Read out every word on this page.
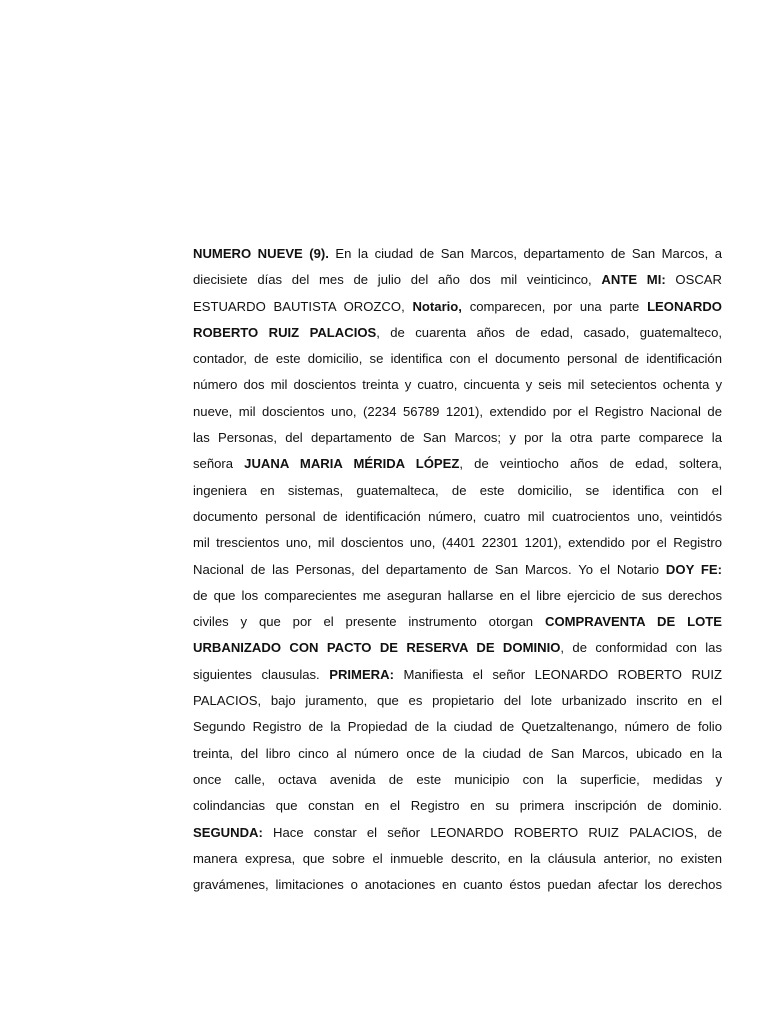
NUMERO NUEVE (9). En la ciudad de San Marcos, departamento de San Marcos, a
diecisiete días del mes de julio del año dos mil veinticinco, ANTE MI: OSCAR
ESTUARDO BAUTISTA OROZCO, Notario, comparecen, por una parte LEONARDO
ROBERTO RUIZ PALACIOS, de cuarenta años de edad, casado, guatemalteco,
contador, de este domicilio, se identifica con el documento personal de identificación
número dos mil doscientos treinta y cuatro, cincuenta y seis mil setecientos ochenta y
nueve, mil doscientos uno, (2234 56789 1201), extendido por el Registro Nacional de
las Personas, del departamento de San Marcos; y por la otra parte comparece la
señora JUANA MARIA MÉRIDA LÓPEZ, de veintiocho años de edad, soltera,
ingeniera en sistemas, guatemalteca, de este domicilio, se identifica con el
documento personal de identificación número, cuatro mil cuatrocientos uno, veintidós
mil trescientos uno, mil doscientos uno, (4401 22301 1201), extendido por el Registro
Nacional de las Personas, del departamento de San Marcos. Yo el Notario DOY FE:
de que los comparecientes me aseguran hallarse en el libre ejercicio de sus derechos
civiles y que por el presente instrumento otorgan COMPRAVENTA DE LOTE
URBANIZADO CON PACTO DE RESERVA DE DOMINIO, de conformidad con las
siguientes clausulas. PRIMERA: Manifiesta el señor LEONARDO ROBERTO RUIZ
PALACIOS, bajo juramento, que es propietario del lote urbanizado inscrito en el
Segundo Registro de la Propiedad de la ciudad de Quetzaltenango, número de folio
treinta, del libro cinco al número once de la ciudad de San Marcos, ubicado en la
once calle, octava avenida de este municipio con la superficie, medidas y
colindancias que constan en el Registro en su primera inscripción de dominio.
SEGUNDA: Hace constar el señor LEONARDO ROBERTO RUIZ PALACIOS, de
manera expresa, que sobre el inmueble descrito, en la cláusula anterior, no existen
gravámenes, limitaciones o anotaciones en cuanto éstos puedan afectar los derechos
